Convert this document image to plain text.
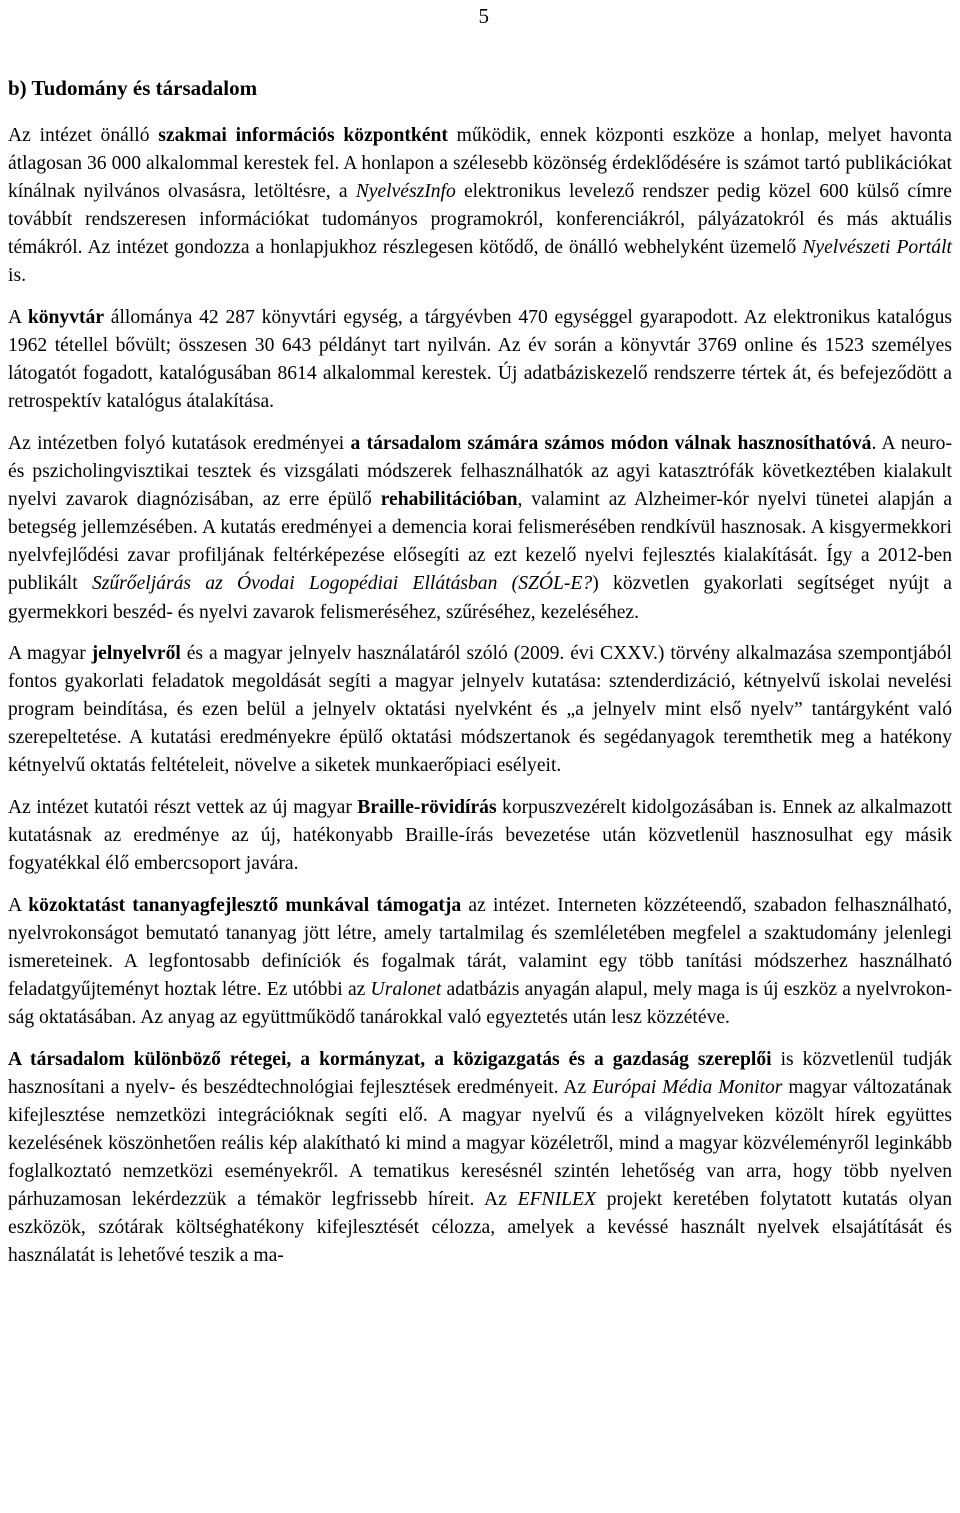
5
b) Tudomány és társadalom

Az intézet önálló szakmai információs központként működik, ennek központi eszköze a honlap, melyet havonta átlagosan 36 000 alkalommal kerestek fel. A honlapon a szélesebb közönség érdeklődésére is számot tartó publikációkat kínálnak nyilvános olvasásra, letöltésre, a NyelvészInfo elektronikus levelező rendszer pedig közel 600 külső címre továbbít rendszeresen információkat tudományos programokról, konferenciákról, pályázatokról és más aktuális témákról. Az intézet gondozza a honlapjukhoz részlegesen kötődő, de önálló webhelyként üzemelő Nyelvészeti Portált is.

A könyvtár állománya 42 287 könyvtári egység, a tárgyévben 470 egységgel gyarapodott. Az elektronikus katalógus 1962 tétellel bővült; összesen 30 643 példányt tart nyilván. Az év során a könyvtár 3769 online és 1523 személyes látogatót fogadott, katalógusában 8614 alkalommal kerestek. Új adatbáziskezelő rendszerre tértek át, és befejeződött a retrospektív katalógus átalakítása.

Az intézetben folyó kutatások eredményei a társadalom számára számos módon válnak hasznosíthatóvá. A neuro- és pszicholingvisztikai tesztek és vizsgálati módszerek felhasználhatók az agyi katasztrófák következtében kialakult nyelvi zavarok diagnózisában, az erre épülő rehabilitációban, valamint az Alzheimer-kór nyelvi tünetei alapján a betegség jellemzésében. A kutatás eredményei a demencia korai felismerésében rendkívül hasznosak. A kisgyermekkori nyelvfejlődési zavar profiljának feltérképezése elősegíti az ezt kezelő nyelvi fejlesztés kialakítását. Így a 2012-ben publikált Szűrőeljárás az Óvodai Logopédiai Ellátásban (SZÓL-E?) közvetlen gyakorlati segítséget nyújt a gyermekkori beszéd- és nyelvi zavarok felismeréséhez, szűréséhez, kezeléséhez.

A magyar jelnyelvről és a magyar jelnyelv használatáról szóló (2009. évi CXXV.) törvény alkalmazása szempontjából fontos gyakorlati feladatok megoldását segíti a magyar jelnyelv kutatása: sztenderdizáció, kétnyelvű iskolai nevelési program beindítása, és ezen belül a jelnyelv oktatási nyelvként és „a jelnyelv mint első nyelv” tantárgyként való szerepeltetése. A kutatási eredményekre épülő oktatási módszertanok és segédanyagok teremthetik meg a hatékony kétnyelvű oktatás feltételeit, növelve a siketek munkaerőpiaci esélyeit.

Az intézet kutatói részt vettek az új magyar Braille-rövidírás korpuszvezérelt kidolgozásában is. Ennek az alkalmazott kutatásnak az eredménye az új, hatékonyabb Braille-írás bevezetése után közvetlenül hasznosulhat egy másik fogyatékkal élő embercsoport javára.

A közoktatást tananyagfejlesztő munkával támogatja az intézet. Interneten közzéteendő, szabadon felhasználható, nyelvrokonságot bemutató tananyag jött létre, amely tartalmilag és szemléletében megfelel a szaktudomány jelenlegi ismereteinek. A legfontosabb definíciók és fogalmak tárát, valamint egy több tanítási módszerhez használható feladatgyűjteményt hoztak létre. Ez utóbbi az Uralonet adatbázis anyagán alapul, mely maga is új eszköz a nyelvrokonság oktatásában. Az anyag az együttműködő tanárokkal való egyeztetés után lesz közzétéve.

A társadalom különböző rétegei, a kormányzat, a közigazgatás és a gazdaság szereplői is közvetlenül tudják hasznosítani a nyelv- és beszédtechnológiai fejlesztések eredményeit. Az Európai Média Monitor magyar változatának kifejlesztése nemzetközi integrációknak segíti elő. A magyar nyelvű és a világnyelveken közölt hírek együttes kezelésének köszönhetően reális kép alakítható ki mind a magyar közéletről, mind a magyar közvéleményről leginkább foglalkoztató nemzetközi eseményekről. A tematikus keresésnél szintén lehetőség van arra, hogy több nyelven párhuzamosan lekérdezzük a témakör legfrissebb híreit. Az EFNILEX projekt keretében folytatott kutatás olyan eszközök, szótárak költséghatékony kifejlesztését célozza, amelyek a kevéssé használt nyelvek elsajátítását és használatát is lehetővé teszik a ma-
